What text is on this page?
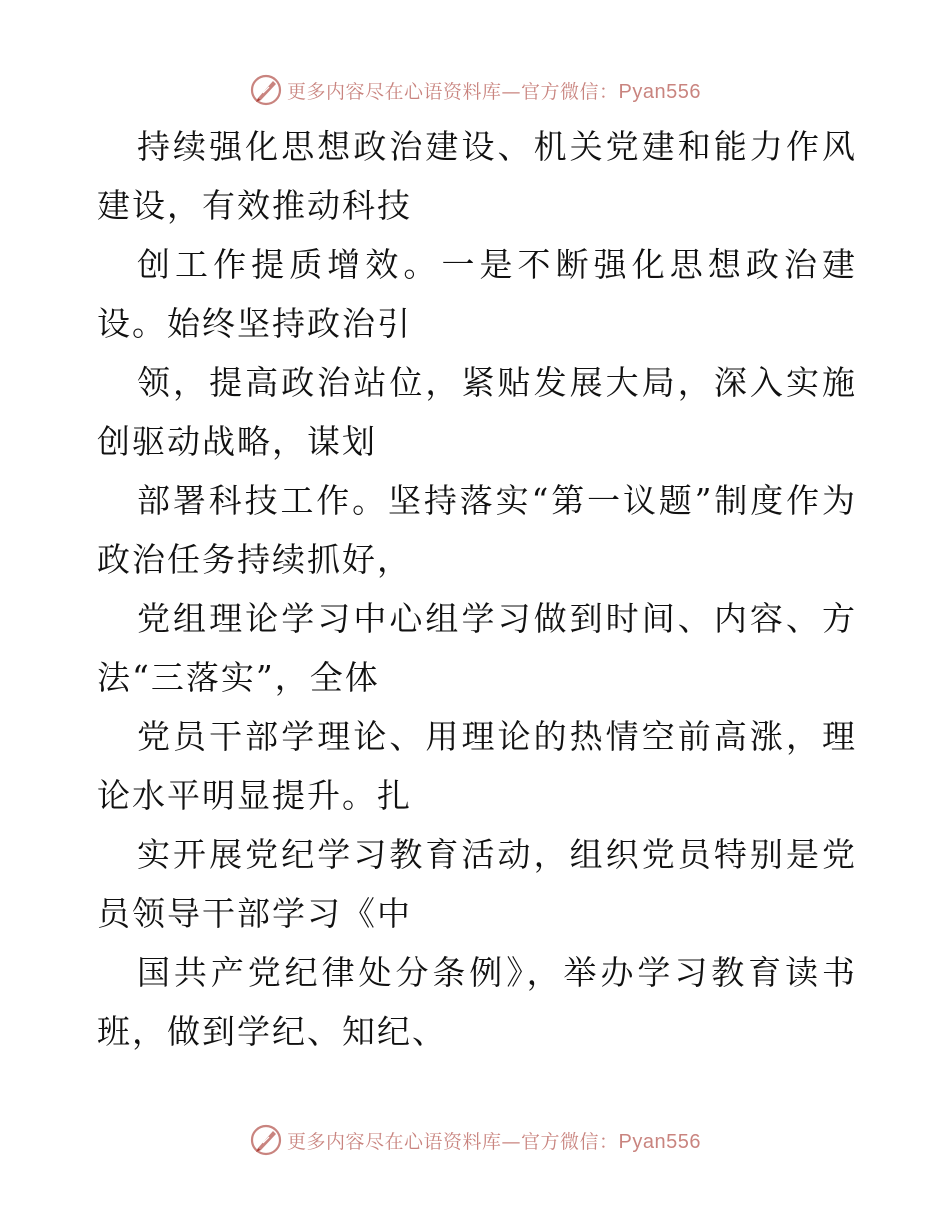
更多内容尽在心语资料库—官方微信：Pyan556

持续强化思想政治建设、机关党建和能力作风建设，有效推动科技

创工作提质增效。一是不断强化思想政治建设。始终坚持政治引

领，提高政治站位，紧贴发展大局，深入实施创驱动战略，谋划

部署科技工作。坚持落实“第一议题”制度作为政治任务持续抓好，

党组理论学习中心组学习做到时间、内容、方法“三落实”，全体

党员干部学理论、用理论的热情空前高涨，理论水平明显提升。扎

实开展党纪学习教育活动，组织党员特别是党员领导干部学习《中

国共产党纪律处分条例》，举办学习教育读书班，做到学纪、知纪、

更多内容尽在心语资料库—官方微信：Pyan556
